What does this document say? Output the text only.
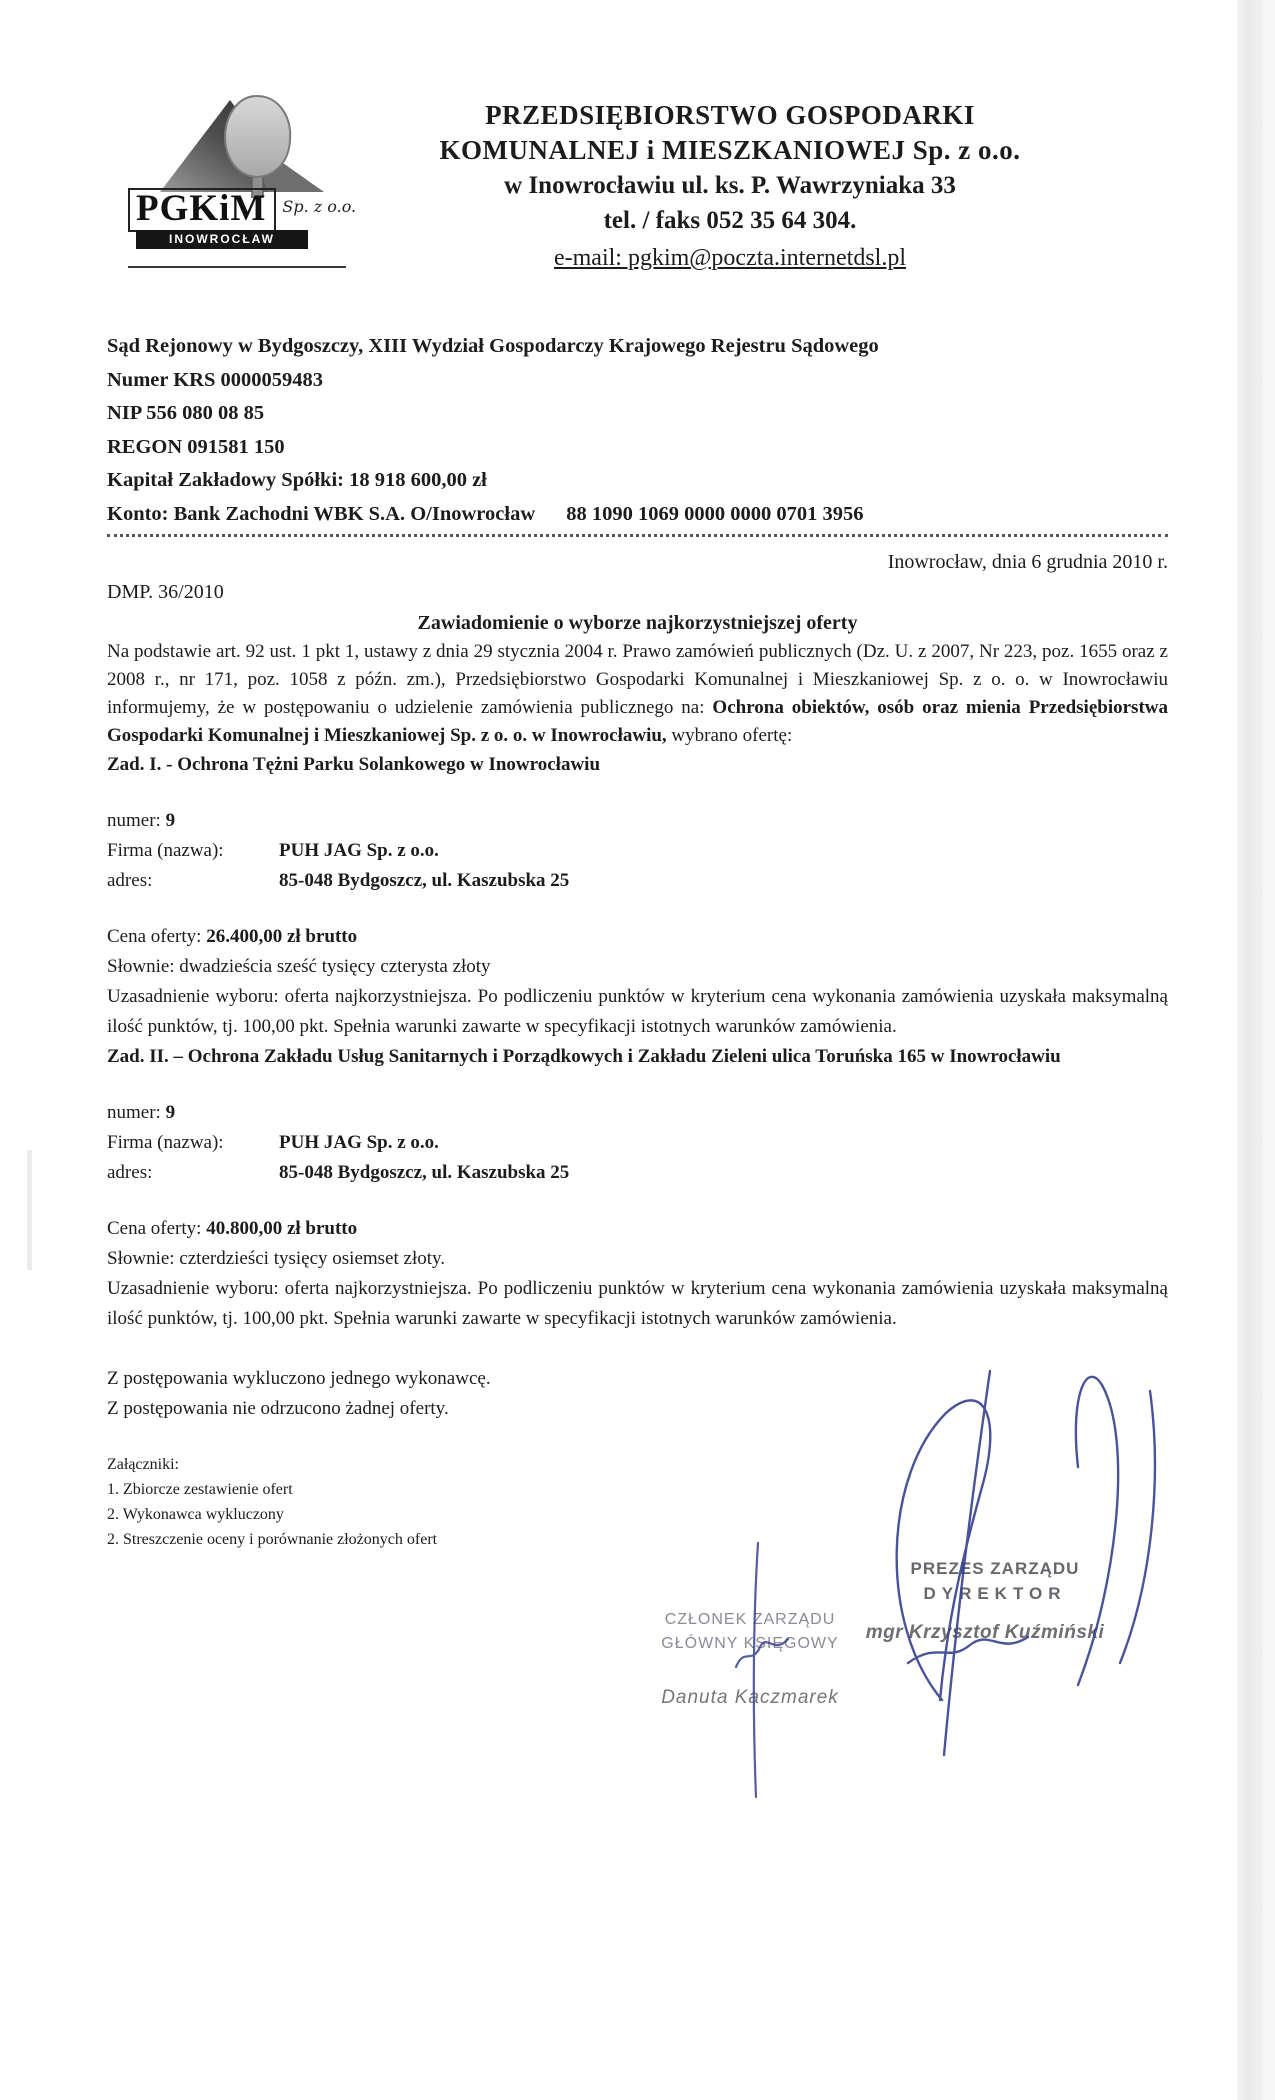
PGKiM Sp. z o.o.
INOWROCŁAW
PRZEDSIĘBIORSTWO GOSPODARKI
KOMUNALNEJ i MIESZKANIOWEJ Sp. z o.o.
w Inowrocławiu ul. ks. P. Wawrzyniaka 33
tel. / faks 052 35 64 304.
e-mail: pgkim@poczta.internetdsl.pl
Sąd Rejonowy w Bydgoszczy, XIII Wydział Gospodarczy Krajowego Rejestru Sądowego
Numer KRS 0000059483
NIP 556 080 08 85
REGON 091581 150
Kapitał Zakładowy Spółki: 18 918 600,00 zł
Konto: Bank Zachodni WBK S.A. O/Inowrocław 88 1090 1069 0000 0000 0701 3956
Inowrocław, dnia 6 grudnia 2010 r.
DMP. 36/2010
Zawiadomienie o wyborze najkorzystniejszej oferty
Na podstawie art. 92 ust. 1 pkt 1, ustawy z dnia 29 stycznia 2004 r. Prawo zamówień publicznych (Dz. U. z 2007, Nr 223, poz. 1655 oraz z 2008 r., nr 171, poz. 1058 z późn. zm.), Przedsiębiorstwo Gospodarki Komunalnej i Mieszkaniowej Sp. z o. o. w Inowrocławiu informujemy, że w postępowaniu o udzielenie zamówienia publicznego na: Ochrona obiektów, osób oraz mienia Przedsiębiorstwa Gospodarki Komunalnej i Mieszkaniowej Sp. z o. o. w Inowrocławiu, wybrano ofertę:
Zad. I. - Ochrona Tężni Parku Solankowego w Inowrocławiu
numer: 9
Firma (nazwa):	PUH JAG Sp. z o.o.
adres:	85-048 Bydgoszcz, ul. Kaszubska 25
Cena oferty: 26.400,00 zł brutto
Słownie: dwadzieścia sześć tysięcy czterysta złoty
Uzasadnienie wyboru: oferta najkorzystniejsza. Po podliczeniu punktów w kryterium cena wykonania zamówienia uzyskała maksymalną ilość punktów, tj. 100,00 pkt. Spełnia warunki zawarte w specyfikacji istotnych warunków zamówienia.
Zad. II. – Ochrona Zakładu Usług Sanitarnych i Porządkowych i Zakładu Zieleni ulica Toruńska 165 w Inowrocławiu
numer: 9
Firma (nazwa):	PUH JAG Sp. z o.o.
adres:	85-048 Bydgoszcz, ul. Kaszubska 25
Cena oferty: 40.800,00 zł brutto
Słownie: czterdzieści tysięcy osiemset złoty.
Uzasadnienie wyboru: oferta najkorzystniejsza. Po podliczeniu punktów w kryterium cena wykonania zamówienia uzyskała maksymalną ilość punktów, tj. 100,00 pkt. Spełnia warunki zawarte w specyfikacji istotnych warunków zamówienia.
Z postępowania wykluczono jednego wykonawcę.
Z postępowania nie odrzucono żadnej oferty.
Załączniki:
1. Zbiorcze zestawienie ofert
2. Wykonawca wykluczony
2. Streszczenie oceny i porównanie złożonych ofert
CZŁONEK ZARZĄDU
GŁÓWNY KSIĘGOWY
Danuta Kaczmarek
PREZES ZARZĄDU
DYREKTOR
mgr Krzysztof Kuźmiński
